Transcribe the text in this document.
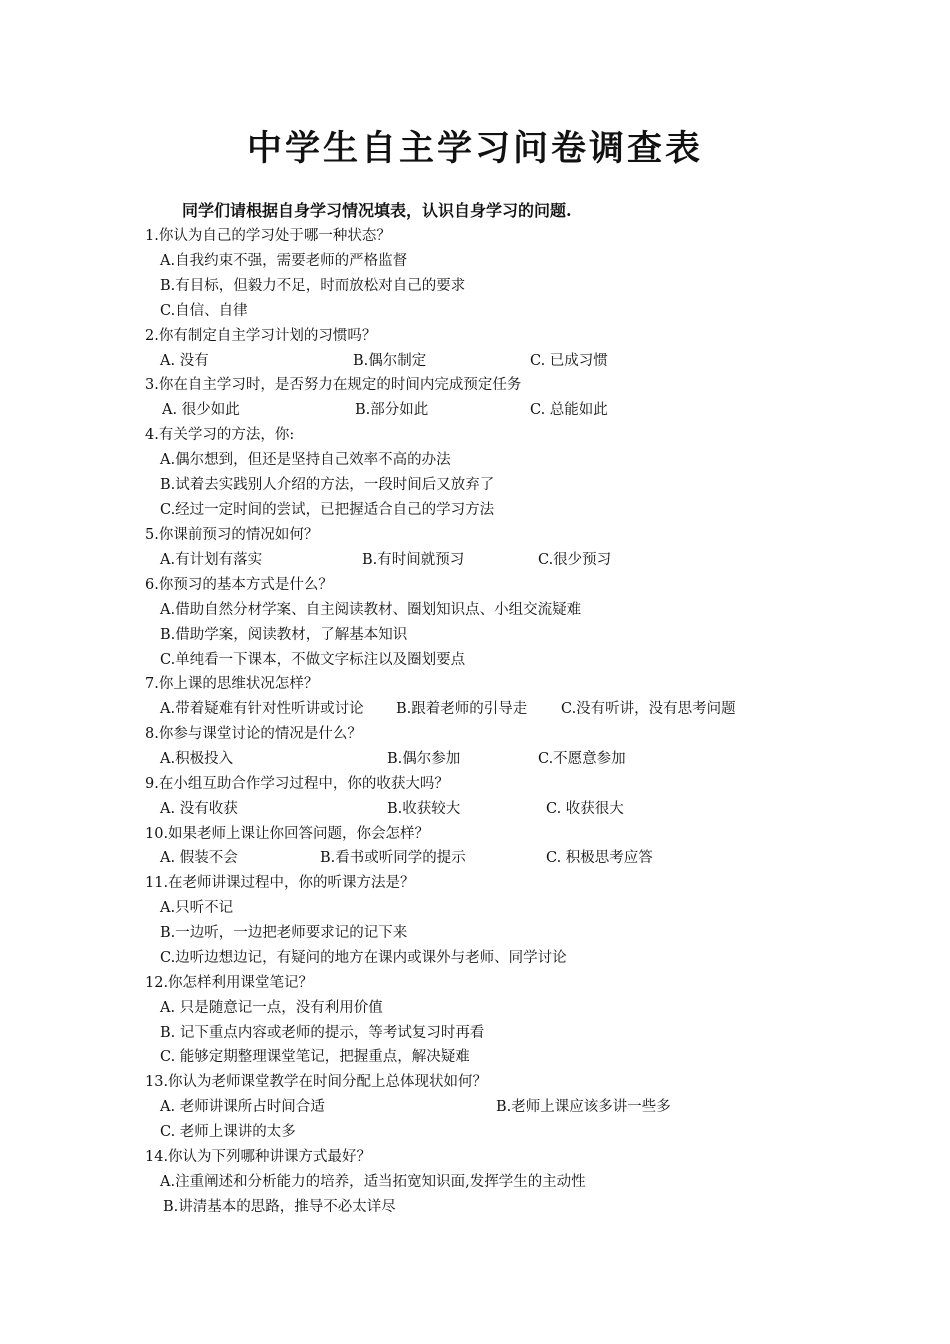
中学生自主学习问卷调查表
同学们请根据自身学习情况填表，认识自身学习的问题.
1.你认为自己的学习处于哪一种状态？
A.自我约束不强，需要老师的严格监督
B.有目标，但毅力不足，时而放松对自己的要求
C.自信、自律
2.你有制定自主学习计划的习惯吗？
A. 没有	B.偶尔制定	C. 已成习惯
3.你在自主学习时，是否努力在规定的时间内完成预定任务
A. 很少如此	B.部分如此	C. 总能如此
4.有关学习的方法，你:
A.偶尔想到，但还是坚持自己效率不高的办法
B.试着去实践别人介绍的方法，一段时间后又放弃了
C.经过一定时间的尝试，已把握适合自己的学习方法
5.你课前预习的情况如何？
A.有计划有落实	B.有时间就预习	C.很少预习
6.你预习的基本方式是什么？
A.借助自然分材学案、自主阅读教材、圈划知识点、小组交流疑难
B.借助学案，阅读教材，了解基本知识
C.单纯看一下课本，不做文字标注以及圈划要点
7.你上课的思维状况怎样？
A.带着疑难有针对性听讲或讨论 B.跟着老师的引导走 C.没有听讲，没有思考问题
8.你参与课堂讨论的情况是什么？
A.积极投入	B.偶尔参加	C.不愿意参加
9.在小组互助合作学习过程中，你的收获大吗？
A. 没有收获	B.收获较大	C. 收获很大
10.如果老师上课让你回答问题，你会怎样？
A. 假装不会	B.看书或听同学的提示	C. 积极思考应答
11.在老师讲课过程中，你的听课方法是？
A.只听不记
B.一边听，一边把老师要求记的记下来
C.边听边想边记，有疑问的地方在课内或课外与老师、同学讨论
12.你怎样利用课堂笔记？
A. 只是随意记一点，没有利用价值
B. 记下重点内容或老师的提示，等考试复习时再看
C. 能够定期整理课堂笔记，把握重点，解决疑难
13.你认为老师课堂教学在时间分配上总体现状如何？
A. 老师讲课所占时间合适	B.老师上课应该多讲一些多
C. 老师上课讲的太多
14.你认为下列哪种讲课方式最好？
A.注重阐述和分析能力的培养，适当拓宽知识面,发挥学生的主动性
B.讲清基本的思路，推导不必太详尽
